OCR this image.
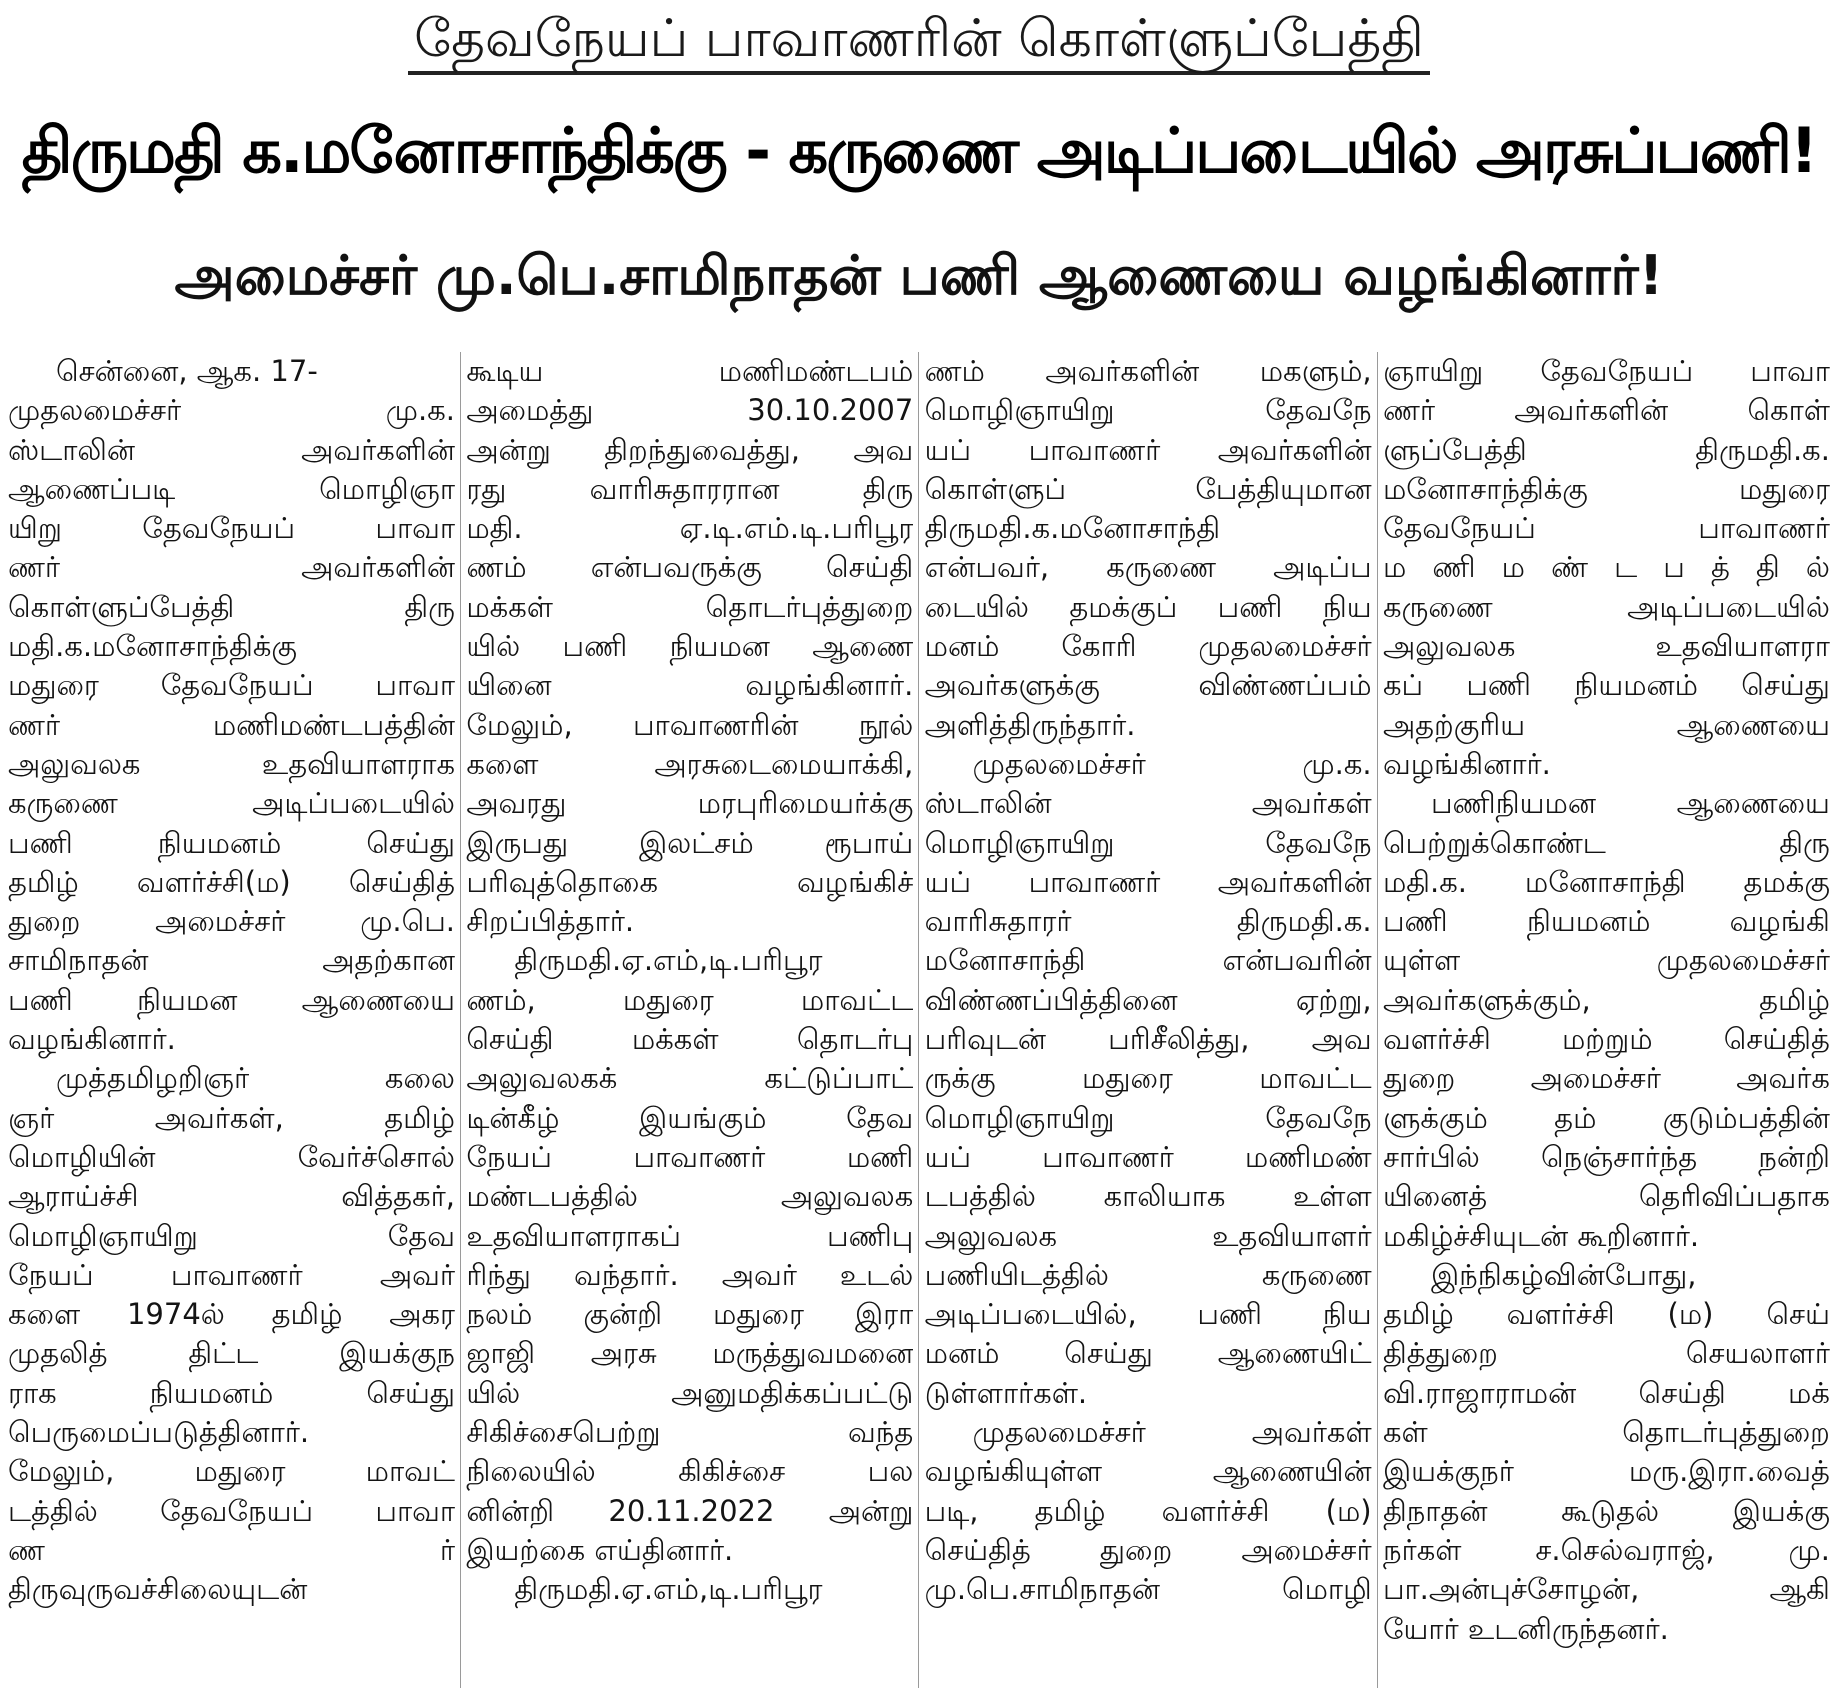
தேவநேயப் பாவாணரின் கொள்ளுப்பேத்தி
திருமதி க.மனோசாந்திக்கு - கருணை அடிப்படையில் அரசுப்பணி!
அமைச்சர் மு.பெ.சாமிநாதன் பணி ஆணையை வழங்கினார்!
சென்னை, ஆக. 17-
முதலமைச்சர் மு.க.
ஸ்டாலின் அவர்களின்
ஆணைப்படி மொழிஞா
யிறு தேவநேயப் பாவா
ணர் அவர்களின்
கொள்ளுப்பேத்தி திரு
மதி.க.மனோசாந்திக்கு
மதுரை தேவநேயப் பாவா
ணர் மணிமண்டபத்தின்
அலுவலக உதவியாளராக
கருணை அடிப்படையில்
பணி நியமனம் செய்து
தமிழ் வளர்ச்சி(ம) செய்தித்
துறை அமைச்சர் மு.பெ.
சாமிநாதன் அதற்கான
பணி நியமன ஆணையை
வழங்கினார்.
முத்தமிழறிஞர் கலை
ஞர் அவர்கள், தமிழ்
மொழியின் வேர்ச்சொல்
ஆராய்ச்சி வித்தகர்,
மொழிஞாயிறு தேவ
நேயப் பாவாணர் அவர்
களை 1974ல் தமிழ் அகர
முதலித் திட்ட இயக்குந
ராக நியமனம் செய்து
பெருமைப்படுத்தினார்.
மேலும், மதுரை மாவட்
டத்தில் தேவநேயப் பாவா
ண ர்
திருவுருவச்சிலையுடன்
கூடிய மணிமண்டபம்
அமைத்து 30.10.2007
அன்று திறந்துவைத்து, அவ
ரது வாரிசுதாரரான திரு
மதி. ஏ.டி.எம்.டி.பரிபூர
ணம் என்பவருக்கு செய்தி
மக்கள் தொடர்புத்துறை
யில் பணி நியமன ஆணை
யினை வழங்கினார்.
மேலும், பாவாணரின் நூல்
களை அரசுடைமையாக்கி,
அவரது மரபுரிமையர்க்கு
இருபது இலட்சம் ரூபாய்
பரிவுத்தொகை வழங்கிச்
சிறப்பித்தார்.
திருமதி.ஏ.எம்,டி.பரிபூர
ணம், மதுரை மாவட்ட
செய்தி மக்கள் தொடர்பு
அலுவலகக் கட்டுப்பாட்
டின்கீழ் இயங்கும் தேவ
நேயப் பாவாணர் மணி
மண்டபத்தில் அலுவலக
உதவியாளராகப் பணிபு
ரிந்து வந்தார். அவர் உடல்
நலம் குன்றி மதுரை இரா
ஜாஜி அரசு மருத்துவமனை
யில் அனுமதிக்கப்பட்டு
சிகிச்சைபெற்று வந்த
நிலையில் கிகிச்சை பல
னின்றி 20.11.2022 அன்று
இயற்கை எய்தினார்.
திருமதி.ஏ.எம்,டி.பரிபூர
ணம் அவர்களின் மகளும்,
மொழிஞாயிறு தேவநே
யப் பாவாணர் அவர்களின்
கொள்ளுப் பேத்தியுமான
திருமதி.க.மனோசாந்தி
என்பவர், கருணை அடிப்ப
டையில் தமக்குப் பணி நிய
மனம் கோரி முதலமைச்சர்
அவர்களுக்கு விண்ணப்பம்
அளித்திருந்தார்.
முதலமைச்சர் மு.க.
ஸ்டாலின் அவர்கள்
மொழிஞாயிறு தேவநே
யப் பாவாணர் அவர்களின்
வாரிசுதாரர் திருமதி.க.
மனோசாந்தி என்பவரின்
விண்ணப்பித்தினை ஏற்று,
பரிவுடன் பரிசீலித்து, அவ
ருக்கு மதுரை மாவட்ட
மொழிஞாயிறு தேவநே
யப் பாவாணர் மணிமண்
டபத்தில் காலியாக உள்ள
அலுவலக உதவியாளர்
பணியிடத்தில் கருணை
அடிப்படையில், பணி நிய
மனம் செய்து ஆணையிட்
டுள்ளார்கள்.
முதலமைச்சர் அவர்கள்
வழங்கியுள்ள ஆணையின்
படி, தமிழ் வளர்ச்சி (ம)
செய்தித் துறை அமைச்சர்
மு.பெ.சாமிநாதன் மொழி
ஞாயிறு தேவநேயப் பாவா
ணர் அவர்களின் கொள்
ளுப்பேத்தி திருமதி.க.
மனோசாந்திக்கு மதுரை
தேவநேயப் பாவாணர்
ம ணி ம ண் ட ப த் தி ல்
கருணை அடிப்படையில்
அலுவலக உதவியாளரா
கப் பணி நியமனம் செய்து
அதற்குரிய ஆணையை
வழங்கினார்.
பணிநியமன ஆணையை
பெற்றுக்கொண்ட திரு
மதி.க. மனோசாந்தி தமக்கு
பணி நியமனம் வழங்கி
யுள்ள முதலமைச்சர்
அவர்களுக்கும், தமிழ்
வளர்ச்சி மற்றும் செய்தித்
துறை அமைச்சர் அவர்க
ளுக்கும் தம் குடும்பத்தின்
சார்பில் நெஞ்சார்ந்த நன்றி
யினைத் தெரிவிப்பதாக
மகிழ்ச்சியுடன் கூறினார்.
இந்நிகழ்வின்போது,
தமிழ் வளர்ச்சி (ம) செய்
தித்துறை செயலாளர்
வி.ராஜாராமன் செய்தி மக்
கள் தொடர்புத்துறை
இயக்குநர் மரு.இரா.வைத்
திநாதன் கூடுதல் இயக்கு
நர்கள் ச.செல்வராஜ், மு.
பா.அன்புச்சோழன், ஆகி
யோர் உடனிருந்தனர்.
